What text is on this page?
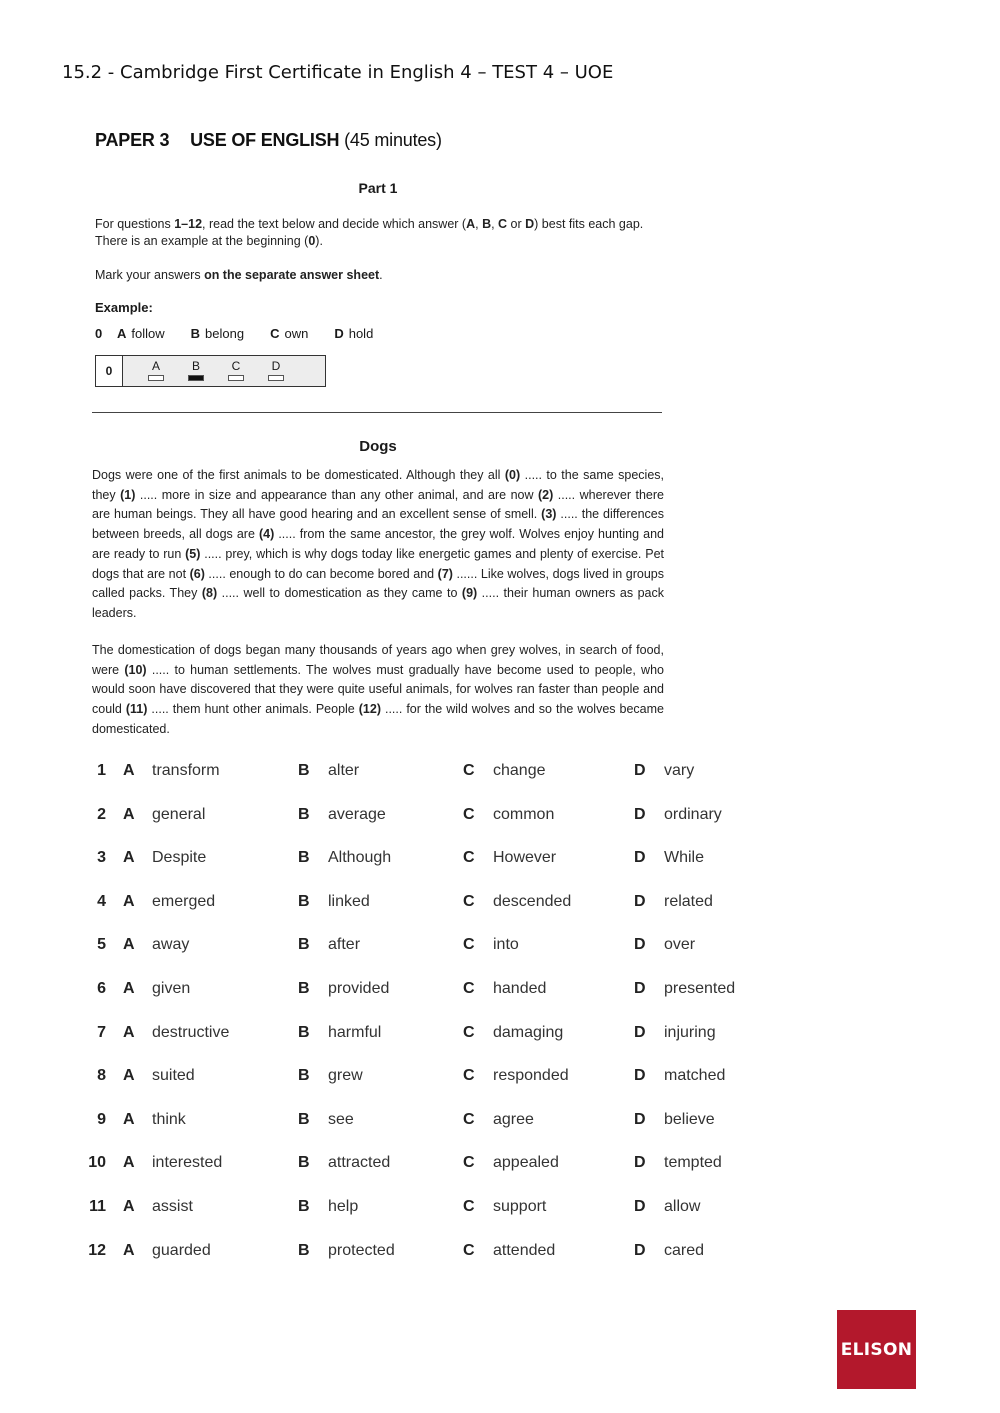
15.2 - Cambridge First Certificate in English 4 – TEST 4 – UOE
PAPER 3 USE OF ENGLISH (45 minutes)
Part 1
For questions 1–12, read the text below and decide which answer (A, B, C or D) best fits each gap. There is an example at the beginning (0).
Mark your answers on the separate answer sheet.
Example:
0	A follow B belong C own D hold
0	A	B	C	D
Dogs
Dogs were one of the first animals to be domesticated. Although they all (0) ..... to the same species, they (1) ..... more in size and appearance than any other animal, and are now (2) ..... wherever there are human beings. They all have good hearing and an excellent sense of smell. (3) ..... the differences between breeds, all dogs are (4) ..... from the same ancestor, the grey wolf. Wolves enjoy hunting and are ready to run (5) ..... prey, which is why dogs today like energetic games and plenty of exercise. Pet dogs that are not (6) ..... enough to do can become bored and (7) ...... Like wolves, dogs lived in groups called packs. They (8) ..... well to domestication as they came to (9) ..... their human owners as pack leaders.
The domestication of dogs began many thousands of years ago when grey wolves, in search of food, were (10) ..... to human settlements. The wolves must gradually have become used to people, who would soon have discovered that they were quite useful animals, for wolves ran faster than people and could (11) ..... them hunt other animals. People (12) ..... for the wild wolves and so the wolves became domesticated.
1 A transform	B alter	C change	D vary
2 A general	B average	C common	D ordinary
3 A Despite	B Although	C However	D While
4 A emerged	B linked	C descended	D related
5 A away	B after	C into	D over
6 A given	B provided	C handed	D presented
7 A destructive	B harmful	C damaging	D injuring
8 A suited	B grew	C responded	D matched
9 A think	B see	C agree	D believe
10 A interested	B attracted	C appealed	D tempted
11 A assist	B help	C support	D allow
12 A guarded	B protected	C attended	D cared
ELISON
